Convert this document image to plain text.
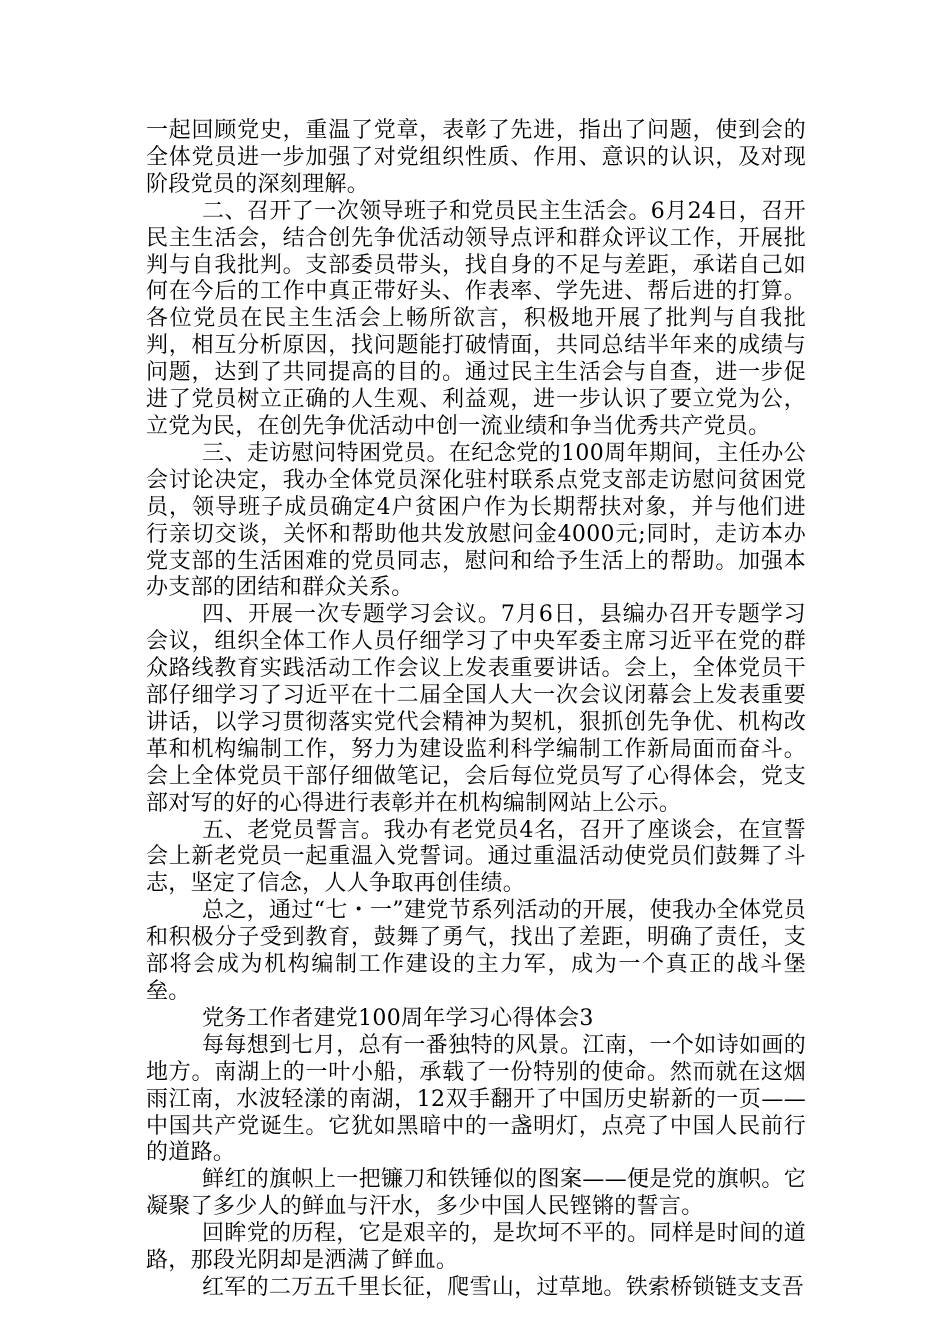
一起回顾党史，重温了党章，表彰了先进，指出了问题，使到会的全体党员进一步加强了对党组织性质、作用、意识的认识，及对现阶段党员的深刻理解。

二、召开了一次领导班子和党员民主生活会。6月24日，召开民主生活会，结合创先争优活动领导点评和群众评议工作，开展批判与自我批判。支部委员带头，找自身的不足与差距，承诺自己如何在今后的工作中真正带好头、作表率、学先进、帮后进的打算。各位党员在民主生活会上畅所欲言，积极地开展了批判与自我批判，相互分析原因，找问题能打破情面，共同总结半年来的成绩与问题，达到了共同提高的目的。通过民主生活会与自查，进一步促进了党员树立正确的人生观、利益观，进一步认识了要立党为公，立党为民，在创先争优活动中创一流业绩和争当优秀共产党员。

三、走访慰问特困党员。在纪念党的100周年期间，主任办公会讨论决定，我办全体党员深化驻村联系点党支部走访慰问贫困党员，领导班子成员确定4户贫困户作为长期帮扶对象，并与他们进行亲切交谈，关怀和帮助他共发放慰问金4000元;同时，走访本办党支部的生活困难的党员同志，慰问和给予生活上的帮助。加强本办支部的团结和群众关系。

四、开展一次专题学习会议。7月6日，县编办召开专题学习会议，组织全体工作人员仔细学习了中央军委主席习近平在党的群众路线教育实践活动工作会议上发表重要讲话。会上，全体党员干部仔细学习了习近平在十二届全国人大一次会议闭幕会上发表重要讲话，以学习贯彻落实党代会精神为契机，狠抓创先争优、机构改革和机构编制工作，努力为建设监利科学编制工作新局面而奋斗。会上全体党员干部仔细做笔记，会后每位党员写了心得体会，党支部对写的好的心得进行表彰并在机构编制网站上公示。

五、老党员誓言。我办有老党员4名，召开了座谈会，在宣誓会上新老党员一起重温入党誓词。通过重温活动使党员们鼓舞了斗志，坚定了信念，人人争取再创佳绩。

总之，通过“七・一”建党节系列活动的开展，使我办全体党员和积极分子受到教育，鼓舞了勇气，找出了差距，明确了责任，支部将会成为机构编制工作建设的主力军，成为一个真正的战斗堡垒。

党务工作者建党100周年学习心得体会3

每每想到七月，总有一番独特的风景。江南，一个如诗如画的地方。南湖上的一叶小船，承载了一份特别的使命。然而就在这烟雨江南，水波轻漾的南湖，12双手翻开了中国历史崭新的一页——中国共产党诞生。它犹如黑暗中的一盏明灯，点亮了中国人民前行的道路。

鲜红的旗帜上一把镰刀和铁锤似的图案——便是党的旗帜。它凝聚了多少人的鲜血与汗水，多少中国人民铿锵的誓言。

回眸党的历程，它是艰辛的，是坎坷不平的。同样是时间的道路，那段光阴却是洒满了鲜血。

红军的二万五千里长征，爬雪山，过草地。铁索桥锁链支支吾
